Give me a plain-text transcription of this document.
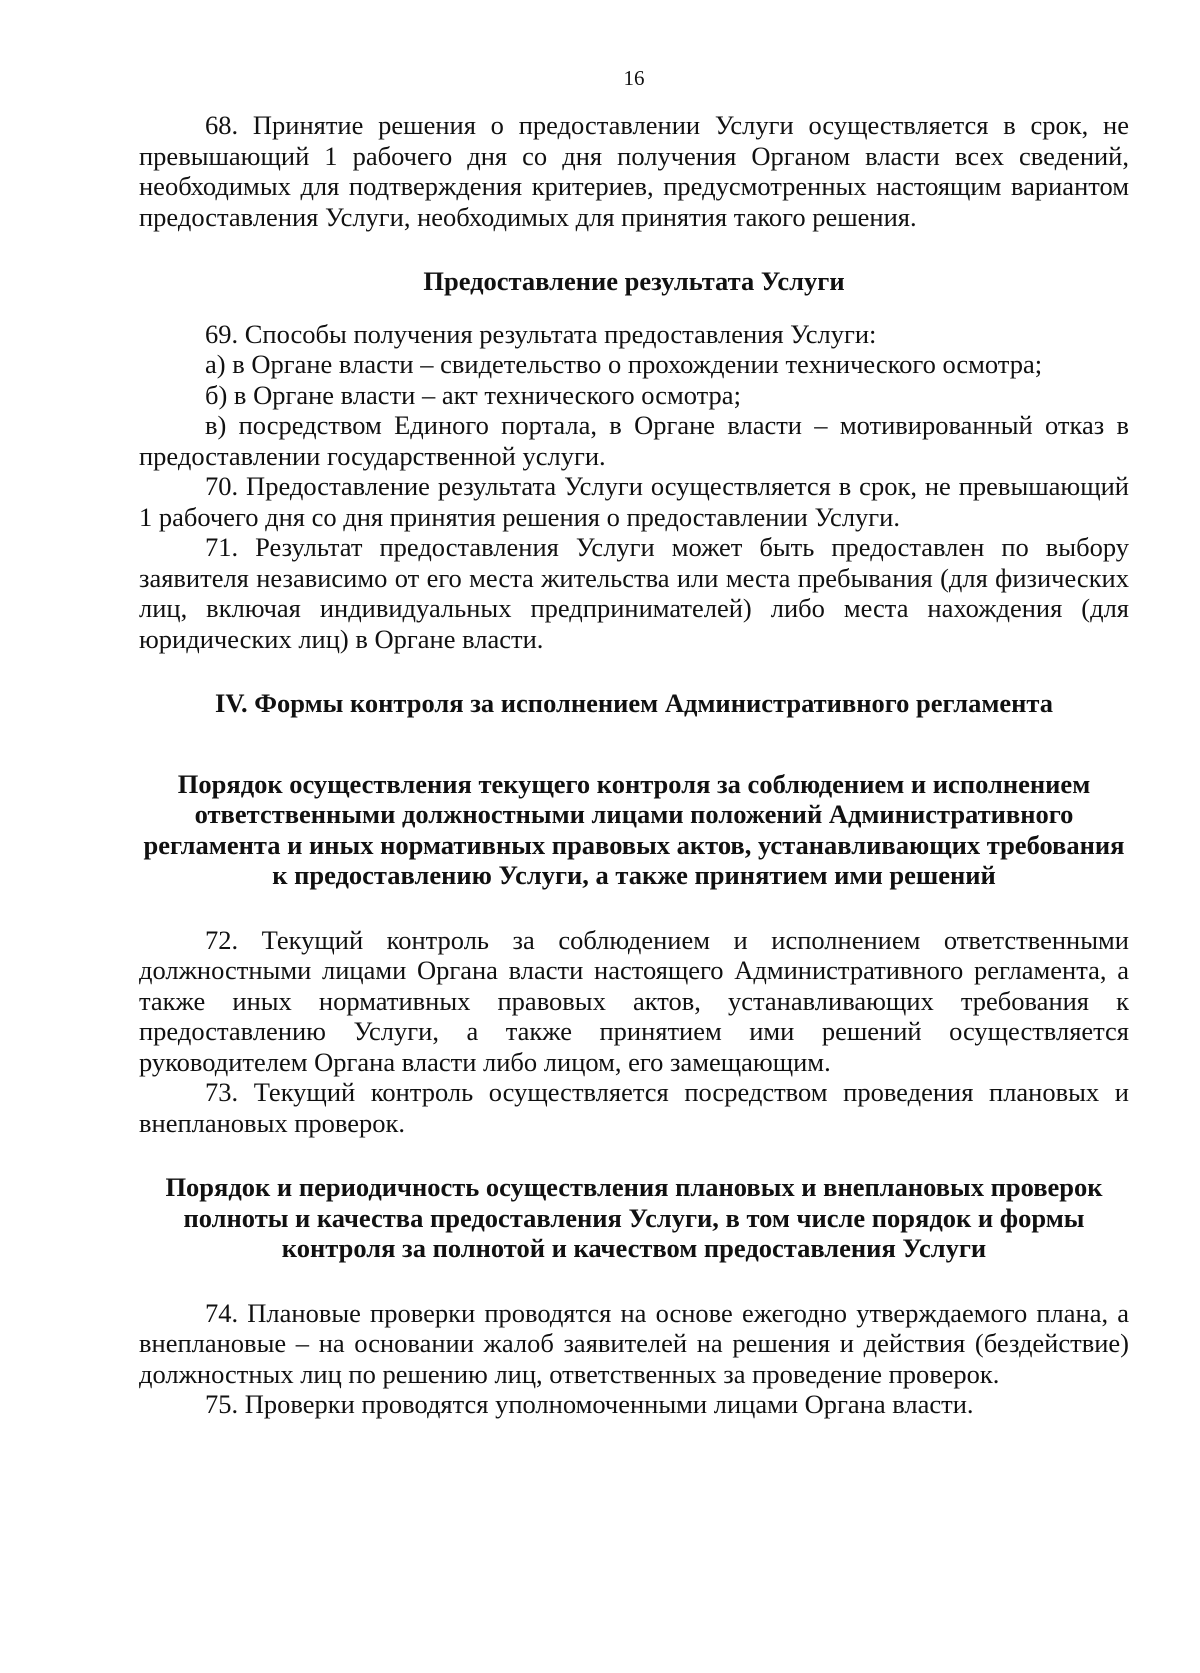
16

68. Принятие решения о предоставлении Услуги осуществляется в срок, не превышающий 1 рабочего дня со дня получения Органом власти всех сведений, необходимых для подтверждения критериев, предусмотренных настоящим вариантом предоставления Услуги, необходимых для принятия такого решения.

Предоставление результата Услуги

69. Способы получения результата предоставления Услуги:

а) в Органе власти – свидетельство о прохождении технического осмотра;

б) в Органе власти – акт технического осмотра;

в) посредством Единого портала, в Органе власти – мотивированный отказ в предоставлении государственной услуги.

70. Предоставление результата Услуги осуществляется в срок, не превышающий 1 рабочего дня со дня принятия решения о предоставлении Услуги.

71. Результат предоставления Услуги может быть предоставлен по выбору заявителя независимо от его места жительства или места пребывания (для физических лиц, включая индивидуальных предпринимателей) либо места нахождения (для юридических лиц) в Органе власти.

IV. Формы контроля за исполнением Административного регламента
Порядок осуществления текущего контроля за соблюдением и исполнением ответственными должностными лицами положений Административного регламента и иных нормативных правовых актов, устанавливающих требования к предоставлению Услуги, а также принятием ими решений

72. Текущий контроль за соблюдением и исполнением ответственными должностными лицами Органа власти настоящего Административного регламента, а также иных нормативных правовых актов, устанавливающих требования к предоставлению Услуги, а также принятием ими решений осуществляется руководителем Органа власти либо лицом, его замещающим.

73. Текущий контроль осуществляется посредством проведения плановых и внеплановых проверок.

Порядок и периодичность осуществления плановых и внеплановых проверок полноты и качества предоставления Услуги, в том числе порядок и формы контроля за полнотой и качеством предоставления Услуги

74. Плановые проверки проводятся на основе ежегодно утверждаемого плана, а внеплановые – на основании жалоб заявителей на решения и действия (бездействие) должностных лиц по решению лиц, ответственных за проведение проверок.

75. Проверки проводятся уполномоченными лицами Органа власти.
